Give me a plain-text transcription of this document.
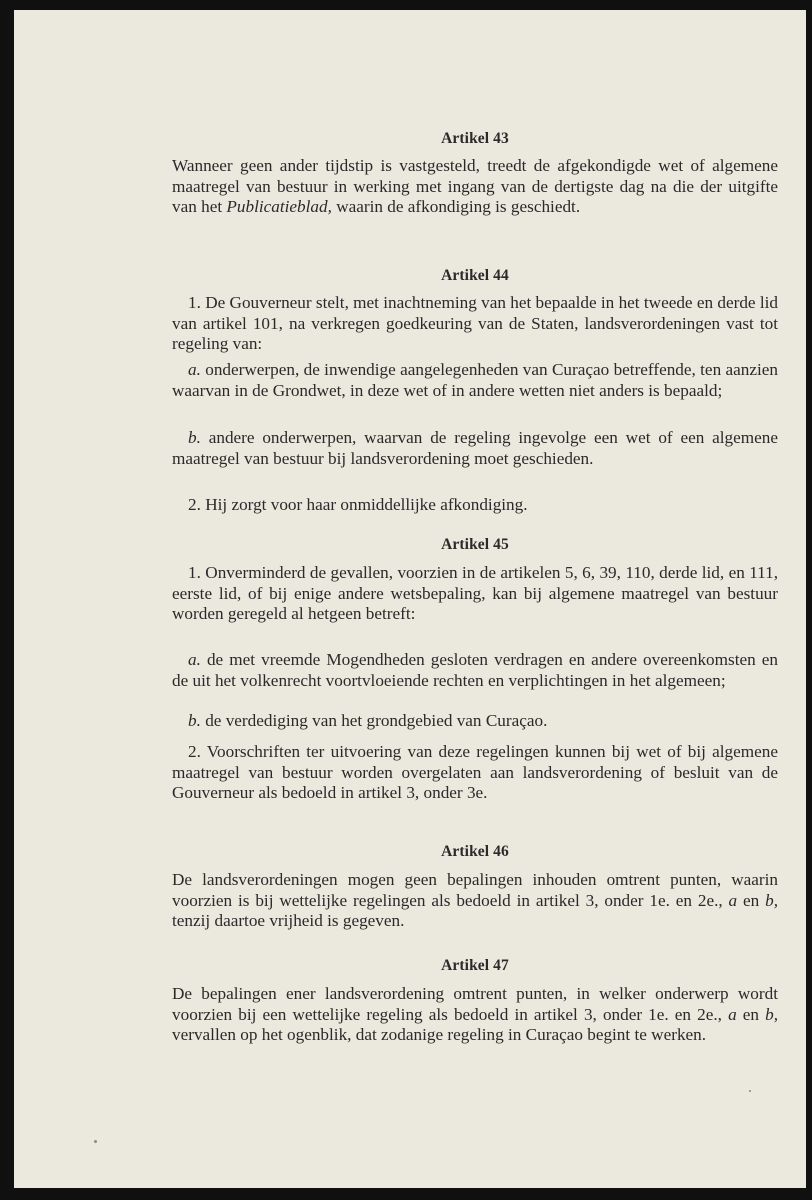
Artikel 43

Wanneer geen ander tijdstip is vastgesteld, treedt de afgekondigde wet of algemene maatregel van bestuur in werking met ingang van de dertigste dag na die der uitgifte van het Publicatieblad, waarin de afkondiging is geschiedt.

Artikel 44

1. De Gouverneur stelt, met inachtneming van het bepaalde in het tweede en derde lid van artikel 101, na verkregen goedkeuring van de Staten, landsverordeningen vast tot regeling van:

a. onderwerpen, de inwendige aangelegenheden van Curaçao betreffende, ten aanzien waarvan in de Grondwet, in deze wet of in andere wetten niet anders is bepaald;

b. andere onderwerpen, waarvan de regeling ingevolge een wet of een algemene maatregel van bestuur bij landsverordening moet geschieden.

2. Hij zorgt voor haar onmiddellijke afkondiging.

Artikel 45

1. Onverminderd de gevallen, voorzien in de artikelen 5, 6, 39, 110, derde lid, en 111, eerste lid, of bij enige andere wetsbepaling, kan bij algemene maatregel van bestuur worden geregeld al hetgeen betreft:

a. de met vreemde Mogendheden gesloten verdragen en andere overeenkomsten en de uit het volkenrecht voortvloeiende rechten en verplichtingen in het algemeen;

b. de verdediging van het grondgebied van Curaçao.

2. Voorschriften ter uitvoering van deze regelingen kunnen bij wet of bij algemene maatregel van bestuur worden overgelaten aan landsverordening of besluit van de Gouverneur als bedoeld in artikel 3, onder 3e.

Artikel 46

De landsverordeningen mogen geen bepalingen inhouden omtrent punten, waarin voorzien is bij wettelijke regelingen als bedoeld in artikel 3, onder 1e. en 2e., a en b, tenzij daartoe vrijheid is gegeven.

Artikel 47

De bepalingen ener landsverordening omtrent punten, in welker onderwerp wordt voorzien bij een wettelijke regeling als bedoeld in artikel 3, onder 1e. en 2e., a en b, vervallen op het ogenblik, dat zodanige regeling in Curaçao begint te werken.
